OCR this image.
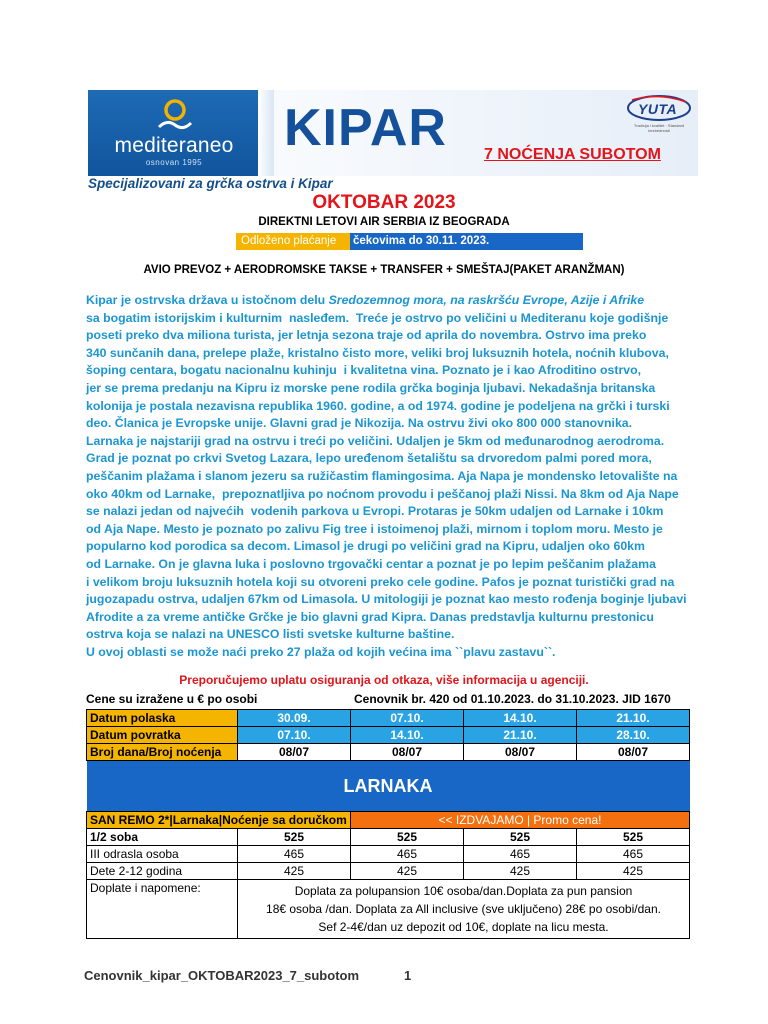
mediteraneo
osnovan 1995
KIPAR 7 NOĆENJA SUBOTOM
YUTA
Tradicija i kvalitet · Standard bezbednosti
Specijalizovani za grčka ostrva i Kipar
OKTOBAR 2023
DIREKTNI LETOVI AIR SERBIA IZ BEOGRADA
Odloženo plaćanje	čekovima do 30.11. 2023.
AVIO PREVOZ + AERODROMSKE TAKSE + TRANSFER + SMEŠTAJ(PAKET ARANŽMAN)
Kipar je ostrvska država u istočnom delu Sredozemnog mora, na raskršću Evrope, Azije i Afrike
sa bogatim istorijskim i kulturnim  nasleđem.  Treće je ostrvo po veličini u Mediteranu koje godišnje
poseti preko dva miliona turista, jer letnja sezona traje od aprila do novembra. Ostrvo ima preko
340 sunčanih dana, prelepe plaže, kristalno čisto more, veliki broj luksuznih hotela, noćnih klubova,
šoping centara, bogatu nacionalnu kuhinju  i kvalitetna vina. Poznato je i kao Afroditino ostrvo,
jer se prema predanju na Kipru iz morske pene rodila grčka boginja ljubavi. Nekadašnja britanska
kolonija je postala nezavisna republika 1960. godine, a od 1974. godine je podeljena na grčki i turski
deo. Članica je Evropske unije. Glavni grad je Nikozija. Na ostrvu živi oko 800 000 stanovnika.
Larnaka je najstariji grad na ostrvu i treći po veličini. Udaljen je 5km od međunarodnog aerodroma.
Grad je poznat po crkvi Svetog Lazara, lepo uređenom šetalištu sa drvoredom palmi pored mora,
peščanim plažama i slanom jezeru sa ružičastim flamingosima. Aja Napa je mondensko letovalište na
oko 40km od Larnake,  prepoznatljiva po noćnom provodu i peščanoj plaži Nissi. Na 8km od Aja Nape
se nalazi jedan od najvećih  vodenih parkova u Evropi. Protaras je 50km udaljen od Larnake i 10km
od Aja Nape. Mesto je poznato po zalivu Fig tree i istoimenoj plaži, mirnom i toplom moru. Mesto je
popularno kod porodica sa decom. Limasol je drugi po veličini grad na Kipru, udaljen oko 60km
od Larnake. On je glavna luka i poslovno trgovački centar a poznat je po lepim peščanim plažama
i velikom broju luksuznih hotela koji su otvoreni preko cele godine. Pafos je poznat turistički grad na
jugozapadu ostrva, udaljen 67km od Limasola. U mitologiji je poznat kao mesto rođenja boginje ljubavi
Afrodite a za vreme antičke Grčke je bio glavni grad Kipra. Danas predstavlja kulturnu prestonicu
ostrva koja se nalazi na UNESCO listi svetske kulturne baštine.
U ovoj oblasti se može naći preko 27 plaža od kojih većina ima ``plavu zastavu``.
Preporučujemo uplatu osiguranja od otkaza, više informacija u agenciji.
Cene su izražene u € po osobi	Cenovnik br. 420 od 01.10.2023. do 31.10.2023. JID 1670
Datum polaska	30.09.	07.10.	14.10.	21.10.
Datum povratka	07.10.	14.10.	21.10.	28.10.
Broj dana/Broj noćenja	08/07	08/07	08/07	08/07
LARNAKA				
SAN REMO 2*|Larnaka|Noćenje sa doručkom		<< IZDVAJAMO | Promo cena!		
1/2 soba	525	525	525	525
III odrasla osoba	465	465	465	465
Dete 2-12 godina	425	425	425	425
Doplate i napomene:	Doplata za polupansion 10€ osoba/dan.Doplata za pun pansion
18€ osoba /dan. Doplata za All inclusive (sve uključeno) 28€ po osobi/dan.
Sef 2-4€/dan uz depozit od 10€, doplate na licu mesta.			
Cenovnik_kipar_OKTOBAR2023_7_subotom	1
